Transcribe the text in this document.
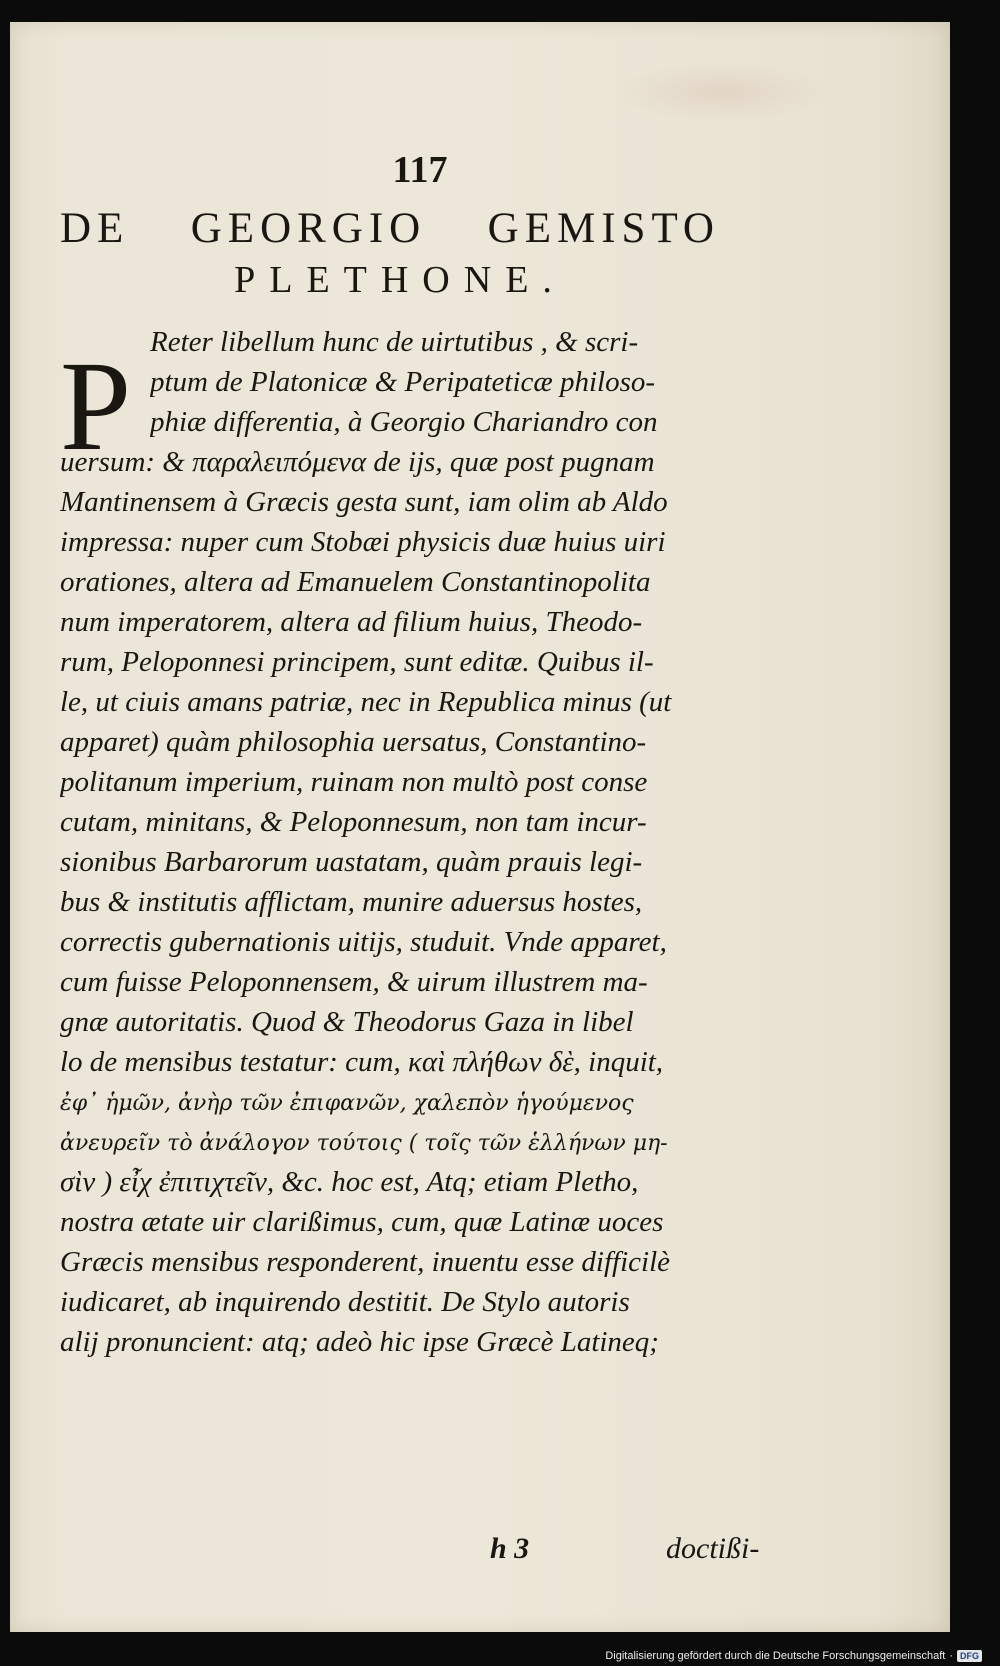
117
DE GEORGIO GEMISTO
PLETHONE.
P Reter libellum hunc de uirtutibus , & scri-
ptum de Platonicæ & Peripateticæ philoso-
phiæ differentia, à Georgio Chariandro con
uersum: & παραλειπόμενα de ijs, quæ post pugnam
Mantinensem à Græcis gesta sunt, iam olim ab Aldo
impressa: nuper cum Stobæi physicis duæ huius uiri
orationes, altera ad Emanuelem Constantinopolita
num imperatorem, altera ad filium huius, Theodo-
rum, Peloponnesi principem, sunt editæ. Quibus il-
le, ut ciuis amans patriæ, nec in Republica minus (ut
apparet) quàm philosophia uersatus, Constantino-
politanum imperium, ruinam non multò post conse
cutam, minitans, & Peloponnesum, non tam incur-
sionibus Barbarorum uastatam, quàm prauis legi-
bus & institutis afflictam, munire aduersus hostes,
correctis gubernationis uitijs, studuit. Vnde apparet,
cum fuisse Peloponnensem, & uirum illustrem ma-
gnæ autoritatis. Quod & Theodorus Gaza in libel
lo de mensibus testatur: cum, καὶ πλήθων δὲ, inquit,
ἐφ᾽ ἡμῶν, ἀνὴρ τῶν ἐπιφανῶν, χαλεπὸν ἡγούμενος
ἀνευρεῖν τὸ ἀνάλογον τούτοις ( τοῖς τῶν ἑλλήνων μη-
σὶν ) εἶχ ἐπιτιχτεῖν, &c. hoc est, Atq; etiam Pletho,
nostra ætate uir clarißimus, cum, quæ Latinæ uoces
Græcis mensibus responderent, inuentu esse difficilè
iudicaret, ab inquirendo destitit. De Stylo autoris
alij pronuncient: atq; adeò hic ipse Græcè Latineq;
h 3	doctißi-
Digitalisierung gefördert durch die Deutsche Forschungsgemeinschaft · DFG
